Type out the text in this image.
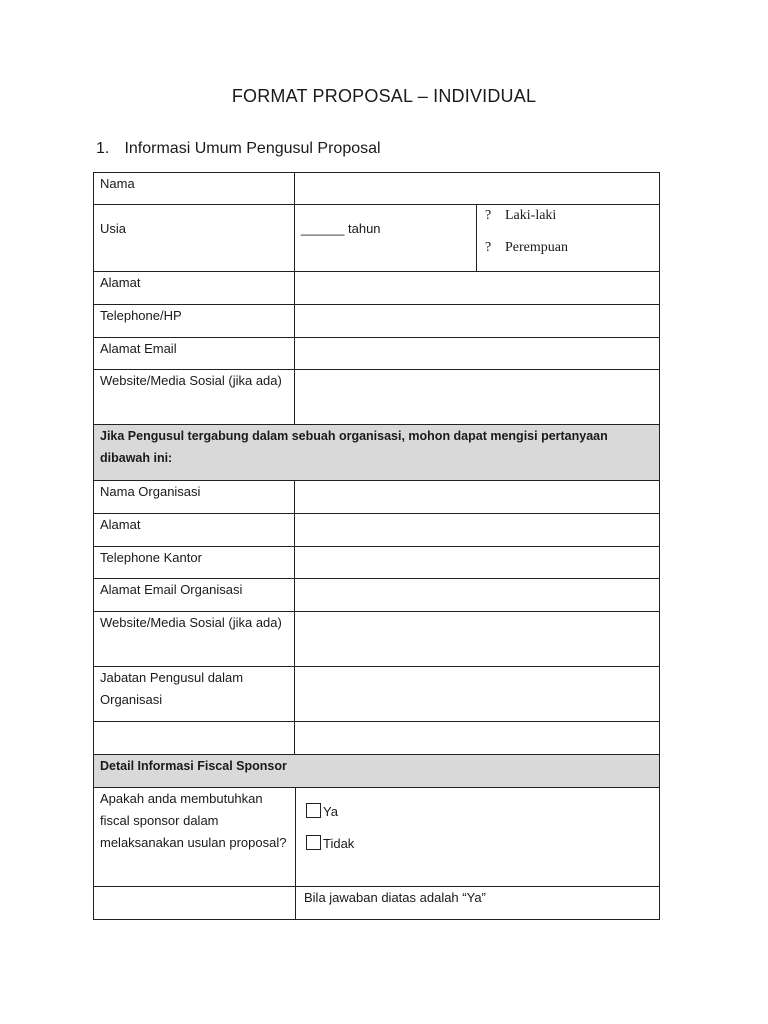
FORMAT PROPOSAL – INDIVIDUAL
1. Informasi Umum Pengusul Proposal
Nama
Usia	______ tahun
? Laki-laki
? Perempuan
Alamat
Telephone/HP
Alamat Email
Website/Media Sosial (jika ada)
Jika Pengusul tergabung dalam sebuah organisasi, mohon dapat mengisi pertanyaan dibawah ini:
Nama Organisasi
Alamat
Telephone Kantor
Alamat Email Organisasi
Website/Media Sosial (jika ada)
Jabatan Pengusul dalam Organisasi
Detail Informasi Fiscal Sponsor
Apakah anda membutuhkan fiscal sponsor dalam melaksanakan usulan proposal?
Ya
Tidak
Bila jawaban diatas adalah “Ya”
